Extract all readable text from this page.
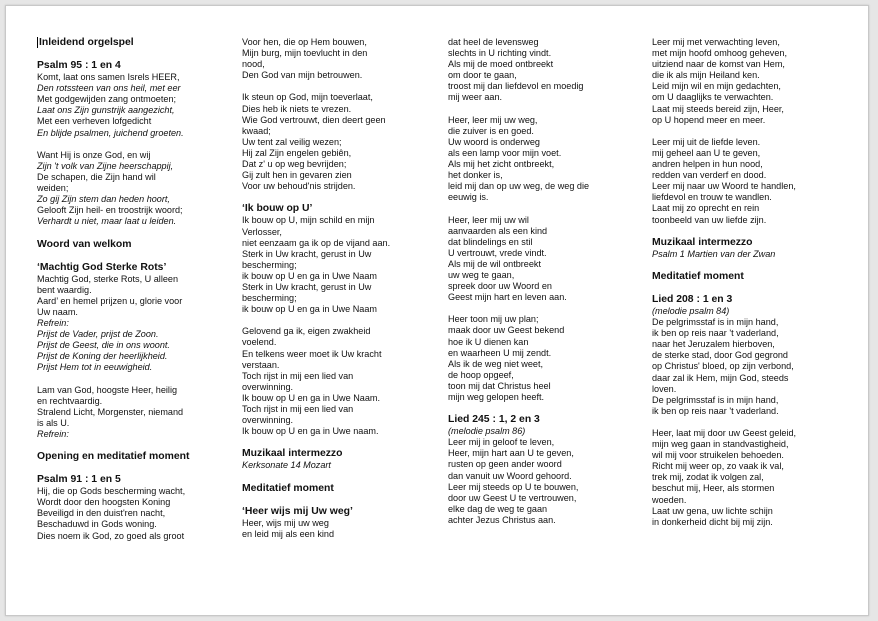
Inleidend orgelspel
Psalm 95 : 1 en 4
Komt, laat ons samen Isrels HEER,
Den rotssteen van ons heil, met eer
Met godgewijden zang ontmoeten;
Laat ons Zijn gunstrijk aangezicht,
Met een verheven lofgedicht
En blijde psalmen, juichend groeten.
Want Hij is onze God, en wij
Zijn 't volk van Zijne heerschappij,
De schapen, die Zijn hand wil
weiden;
Zo gij Zijn stem dan heden hoort,
Gelooft Zijn heil- en troostrijk woord;
Verhardt u niet, maar laat u leiden.
Woord van welkom
‘Machtig God Sterke Rots’
Machtig God, sterke Rots, U alleen
bent waardig.
Aard’ en hemel prijzen u, glorie voor
Uw naam.
Refrein:
Prijst de Vader, prijst de Zoon.
Prijst de Geest, die in ons woont.
Prijst de Koning der heerlijkheid.
Prijst Hem tot in eeuwigheid.
Lam van God, hoogste Heer, heilig
en rechtvaardig.
Stralend Licht, Morgenster, niemand
is als U.
Refrein:
Opening en meditatief moment
Psalm 91 : 1 en 5
Hij, die op Gods bescherming wacht,
Wordt door den hoogsten Koning
Beveiligd in den duist'ren nacht,
Beschaduwd in Gods woning.
Dies noem ik God, zo goed als groot
Voor hen, die op Hem bouwen,
Mijn burg, mijn toevlucht in den
nood,
Den God van mijn betrouwen.
Ik steun op God, mijn toeverlaat,
Dies heb ik niets te vrezen.
Wie God vertrouwt, dien deert geen
kwaad;
Uw tent zal veilig wezen;
Hij zal Zijn engelen gebiên,
Dat z' u op weg bevrijden;
Gij zult hen in gevaren zien
Voor uw behoud'nis strijden.
‘Ik bouw op U’
Ik bouw op U, mijn schild en mijn
Verlosser,
niet eenzaam ga ik op de vijand aan.
Sterk in Uw kracht, gerust in Uw
bescherming;
ik bouw op U en ga in Uwe Naam
Sterk in Uw kracht, gerust in Uw
bescherming;
ik bouw op U en ga in Uwe Naam
Gelovend ga ik, eigen zwakheid
voelend.
En telkens weer moet ik Uw kracht
verstaan.
Toch rijst in mij een lied van
overwinning.
Ik bouw op U en ga in Uwe Naam.
Toch rijst in mij een lied van
overwinning.
Ik bouw op U en ga in Uwe naam.
Muzikaal intermezzo
Kerksonate 14 Mozart
Meditatief moment
‘Heer wijs mij Uw weg’
Heer, wijs mij uw weg
en leid mij als een kind
dat heel de levensweg
slechts in U richting vindt.
Als mij de moed ontbreekt
om door te gaan,
troost mij dan liefdevol en moedig
mij weer aan.
Heer, leer mij uw weg,
die zuiver is en goed.
Uw woord is onderweg
als een lamp voor mijn voet.
Als mij het zicht ontbreekt,
het donker is,
leid mij dan op uw weg, de weg die
eeuwig is.
Heer, leer mij uw wil
aanvaarden als een kind
dat blindelings en stil
U vertrouwt, vrede vindt.
Als mij de wil ontbreekt
uw weg te gaan,
spreek door uw Woord en
Geest mijn hart en leven aan.
Heer toon mij uw plan;
maak door uw Geest bekend
hoe ik U dienen kan
en waarheen U mij zendt.
Als ik de weg niet weet,
de hoop opgeef,
toon mij dat Christus heel
mijn weg gelopen heeft.
Lied 245 : 1, 2 en 3
(melodie psalm 86)
Leer mij in geloof te leven,
Heer, mijn hart aan U te geven,
rusten op geen ander woord
dan vanuit uw Woord gehoord.
Leer mij steeds op U te bouwen,
door uw Geest U te vertrouwen,
elke dag de weg te gaan
achter Jezus Christus aan.
Leer mij met verwachting leven,
met mijn hoofd omhoog geheven,
uitziend naar de komst van Hem,
die ik als mijn Heiland ken.
Leid mijn wil en mijn gedachten,
om U daaglijks te verwachten.
Laat mij steeds bereid zijn, Heer,
op U hopend meer en meer.
Leer mij uit de liefde leven.
mij geheel aan U te geven,
andren helpen in hun nood,
redden van verderf en dood.
Leer mij naar uw Woord te handlen,
liefdevol en trouw te wandlen.
Laat mij zo oprecht en rein
toonbeeld van uw liefde zijn.
Muzikaal intermezzo
Psalm 1 Martien van der Zwan
Meditatief moment
Lied 208 : 1 en 3
(melodie psalm 84)
De pelgrimsstaf is in mijn hand,
ik ben op reis naar 't vaderland,
naar het Jeruzalem hierboven,
de sterke stad, door God gegrond
op Christus' bloed, op zijn verbond,
daar zal ik Hem, mijn God, steeds
loven.
De pelgrimsstaf is in mijn hand,
ik ben op reis naar 't vaderland.
Heer, laat mij door uw Geest geleid,
mijn weg gaan in standvastigheid,
wil mij voor struikelen behoeden.
Richt mij weer op, zo vaak ik val,
trek mij, zodat ik volgen zal,
beschut mij, Heer, als stormen
woeden.
Laat uw gena, uw lichte schijn
in donkerheid dicht bij mij zijn.
